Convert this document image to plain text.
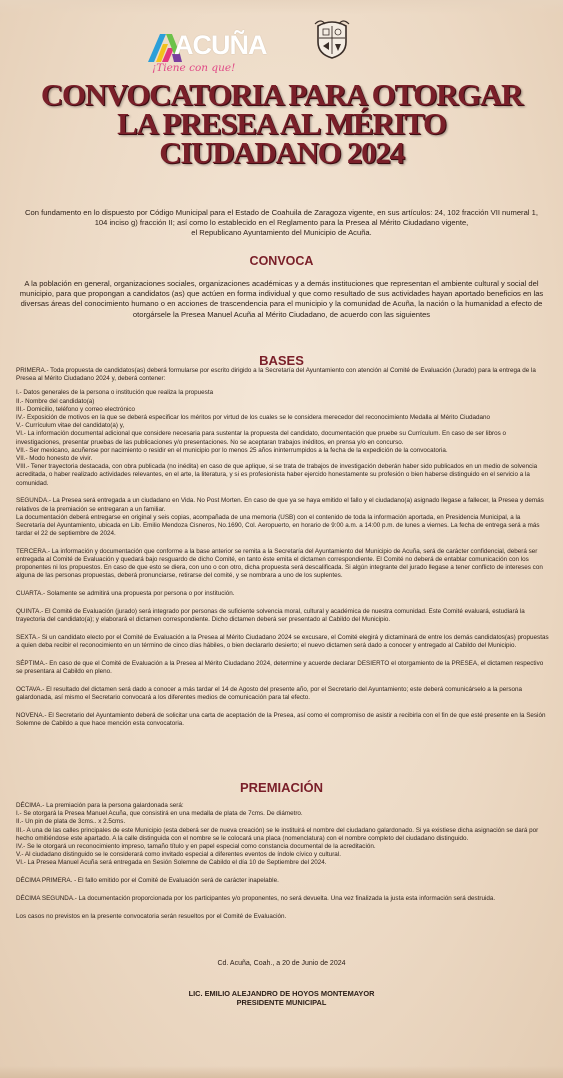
ACUÑA
¡Tiene con que!
CONVOCATORIA PARA OTORGAR
LA PRESEA AL MÉRITO
CIUDADANO 2024
Con fundamento en lo dispuesto por Código Municipal para el Estado de Coahuila de Zaragoza vigente, en sus artículos: 24, 102 fracción VII numeral 1,
104 inciso g) fracción II; así como lo establecido en el Reglamento para la Presea al Mérito Ciudadano vigente,
el Republicano Ayuntamiento del Municipio de Acuña.
CONVOCA
A la población en general, organizaciones sociales, organizaciones académicas y a demás instituciones que representan el ambiente cultural y social del municipio, para que propongan a candidatos (as) que actúen en forma individual y que como resultado de sus actividades hayan aportado beneficios en las diversas áreas del conocimiento humano o en acciones de trascendencia para el municipio y la comunidad de Acuña, la nación o la humanidad a efecto de otorgársele la Presea Manuel Acuña al Mérito Ciudadano, de acuerdo con las siguientes
BASES

PRIMERA.- Toda propuesta de candidatos(as) deberá formularse por escrito dirigido a la Secretaría del Ayuntamiento con atención al Comité de Evaluación (Jurado) para la entrega de la Presea al Mérito Ciudadano 2024 y, deberá contener:

I.- Datos generales de la persona o institución que realiza la propuesta

II.- Nombre del candidato(a)

III.- Domicilio, teléfono y correo electrónico

IV.- Exposición de motivos en la que se deberá especificar los méritos por virtud de los cuales se le considera merecedor del reconocimiento Medalla al Mérito Ciudadano

V.- Currículum vitae del candidato(a) y,

VI.- La información documental adicional que considere necesaria para sustentar la propuesta del candidato, documentación que pruebe su Currículum. En caso de ser libros o investigaciones, presentar pruebas de las publicaciones y/o presentaciones. No se aceptaran trabajos inéditos, en prensa y/o en concurso.

VII.- Ser mexicano, acuñense por nacimiento o residir en el municipio por lo menos 25 años ininterrumpidos a la fecha de la expedición de la convocatoria.

VII.- Modo honesto de vivir.

VIII.- Tener trayectoria destacada, con obra publicada (no inédita) en caso de que aplique, si se trata de trabajos de investigación deberán haber sido publicados en un medio de solvencia acreditada, o haber realizado actividades relevantes, en el arte, la literatura, y si es profesionista haber ejercido honestamente su profesión o bien haberse distinguido en el servicio a la comunidad.

SEGUNDA.- La Presea será entregada a un ciudadano en Vida. No Post Morten. En caso de que ya se haya emitido el fallo y el ciudadano(a) asignado llegase a fallecer, la Presea y demás relativos de la premiación se entregaran a un familiar.

La documentación deberá entregarse en original y seis copias, acompañada de una memoria (USB) con el contenido de toda la información aportada, en Presidencia Municipal, a la Secretaría del Ayuntamiento, ubicada en Lib. Emilio Mendoza Cisneros, No.1690, Col. Aeropuerto, en horario de 9:00 a.m. a 14:00 p.m. de lunes a viernes. La fecha de entrega será a más tardar el 22 de septiembre de 2024.

TERCERA.- La información y documentación que conforme a la base anterior se remita a la Secretaría del Ayuntamiento del Municipio de Acuña, será de carácter confidencial, deberá ser entregada al Comité de Evaluación y quedará bajo resguardo de dicho Comité, en tanto éste emita el dictamen correspondiente. El Comité no deberá de entablar comunicación con los proponentes ni los propuestos. En caso de que esto se diera, con uno o con otro, dicha propuesta será descalificada. Si algún integrante del jurado llegase a tener conflicto de intereses con alguna de las personas propuestas, deberá pronunciarse, retirarse del comité, y se nombrara a uno de los suplentes.

CUARTA.- Solamente se admitirá una propuesta por persona o por institución.

QUINTA.- El Comité de Evaluación (jurado) será integrado por personas de suficiente solvencia moral, cultural y académica de nuestra comunidad. Este Comité evaluará, estudiará la trayectoria del candidato(a); y elaborará el dictamen correspondiente. Dicho dictamen deberá ser presentado al Cabildo del Municipio.

SEXTA.- Si un candidato electo por el Comité de Evaluación a la Presea al Mérito Ciudadano 2024 se excusare, el Comité elegirá y dictaminará de entre los demás candidatos(as) propuestas a quien deba recibir el reconocimiento en un término de cinco días hábiles, o bien declararlo desierto; el nuevo dictamen será dado a conocer y entregado al Cabildo del Municipio.

SÉPTIMA.- En caso de que el Comité de Evaluación a la Presea al Mérito Ciudadano 2024, determine y acuerde declarar DESIERTO el otorgamiento de la PRESEA, el dictamen respectivo se presentara al Cabildo en pleno.

OCTAVA.- El resultado del dictamen será dado a conocer a más tardar el 14 de Agosto del presente año, por el Secretario del Ayuntamiento; este deberá comunicárselo a la persona galardonada, así mismo el Secretario convocará a los diferentes medios de comunicación para tal efecto.

NOVENA.- El Secretario del Ayuntamiento deberá de solicitar una carta de aceptación de la Presea, así como el compromiso de asistir a recibirla con el fin de que esté presente en la Sesión Solemne de Cabildo a que hace mención esta convocatoria.

PREMIACIÓN

DÉCIMA.- La premiación para la persona galardonada será:

I.- Se otorgará la Presea Manuel Acuña, que consistirá en una medalla de plata de 7cms. De diámetro.

II.- Un pin de plata de 3cms.. x 2.5cms.

III.- A una de las calles principales de este Municipio (esta deberá ser de nueva creación) se le instituirá el nombre del ciudadano galardonado. Si ya existiese dicha asignación se dará por hecho omitiéndose este apartado. A la calle distinguida con el nombre se le colocará una placa (nomenclatura) con el nombre completo del ciudadano distinguido.

IV.- Se le otorgará un reconocimiento impreso, tamaño título y en papel especial como constancia documental de la acreditación.

V.- Al ciudadano distinguido se le considerará como invitado especial a diferentes eventos de índole cívico y cultural.

VI.- La Presea Manuel Acuña será entregada en Sesión Solemne de Cabildo el día 10 de Septiembre del 2024.

DÉCIMA PRIMERA. - El fallo emitido por el Comité de Evaluación será de carácter inapelable.

DÉCIMA SEGUNDA.- La documentación proporcionada por los participantes y/o proponentes, no será devuelta. Una vez finalizada la justa esta información será destruida.

Los casos no previstos en la presente convocatoria serán resueltos por el Comité de Evaluación.

Cd. Acuña, Coah., a 20 de Junio de 2024
LIC. EMILIO ALEJANDRO DE HOYOS MONTEMAYOR
PRESIDENTE MUNICIPAL
